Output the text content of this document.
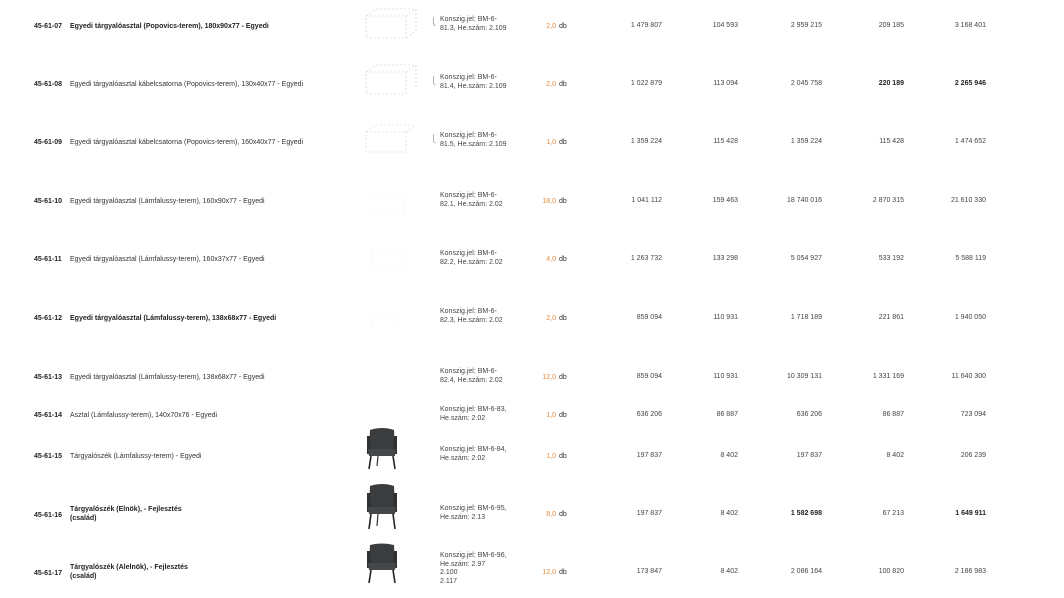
45-61-07 Egyedi tárgyalóasztal (Popovics-terem), 180x90x77 - Egyedi
⎩ Konszig.jel: BM-6-
81.3, He.szám: 2.109	2,0 db	1 479 807	104 593	2 959 215	209 185	3 168 401
45-61-08 Egyedi tárgyalóasztal kábelcsatorna (Popovics-terem), 130x40x77 - Egyedi	⎩
Konszig.jel: BM-6-
81.4, He.szám: 2.109	2,0 db	1 022 879	113 094	2 045 758	220 189	2 265 946
45-61-09 Egyedi tárgyalóasztal kábelcsatorna (Popovics-terem), 160x40x77 - Egyedi	⎩
Konszig.jel: BM-6-
81.5, He.szám: 2.109	1,0 db	1 359 224	115 428	1 359 224	115 428	1 474 652
45-61-10 Egyedi tárgyalóasztal (Lámfalussy-terem), 160x90x77 - Egyedi
Konszig.jel: BM-6-
82.1, He.szám: 2.02	18,0 db	1 041 112	159 463	18 740 016	2 870 315	21 610 330
45-61-11 Egyedi tárgyalóasztal (Lámfalussy-terem), 160x37x77 - Egyedi
Konszig.jel: BM-6-
82.2, He.szám: 2.02	4,0 db	1 263 732	133 298	5 054 927	533 192	5 588 119
45-61-12 Egyedi tárgyalóasztal (Lámfalussy-terem), 138x68x77 - Egyedi
Konszig.jel: BM-6-
82.3, He.szám: 2.02	2,0 db	859 094	110 931	1 718 189	221 861	1 940 050
45-61-13 Egyedi tárgyalóasztal (Lámfalussy-terem), 138x68x77 - Egyedi
Konszig.jel: BM-6-
82.4, He.szám: 2.02	12,0 db	859 094	110 931	10 309 131	1 331 169	11 640 300
45-61-14 Asztal (Lámfalussy-terem), 140x70x76 - Egyedi
Konszig.jel: BM-6-83,
He.szám: 2.02	1,0 db	636 206	86 887	636 206	86 887	723 094
45-61-15 Tárgyalószék (Lámfalussy-terem) - Egyedi
Konszig.jel: BM-6-84,
He.szám: 2.02	1,0 db	197 837	8 402	197 837	8 402	206 239
45-61-16
Tárgyalószék (Elnök), - Fejlesztés
(család)
Konszig.jel: BM-6-95,
He.szám: 2.13	8,0 db	197 837	8 402	1 582 698	67 213	1 649 911
45-61-17
Tárgyalószék (Alelnök), - Fejlesztés
(család)
Konszig.jel: BM-6-96,
He.szám: 2.97
2.100
2.117
12,0 db	173 847	8 402	2 086 164	100 820	2 186 983
